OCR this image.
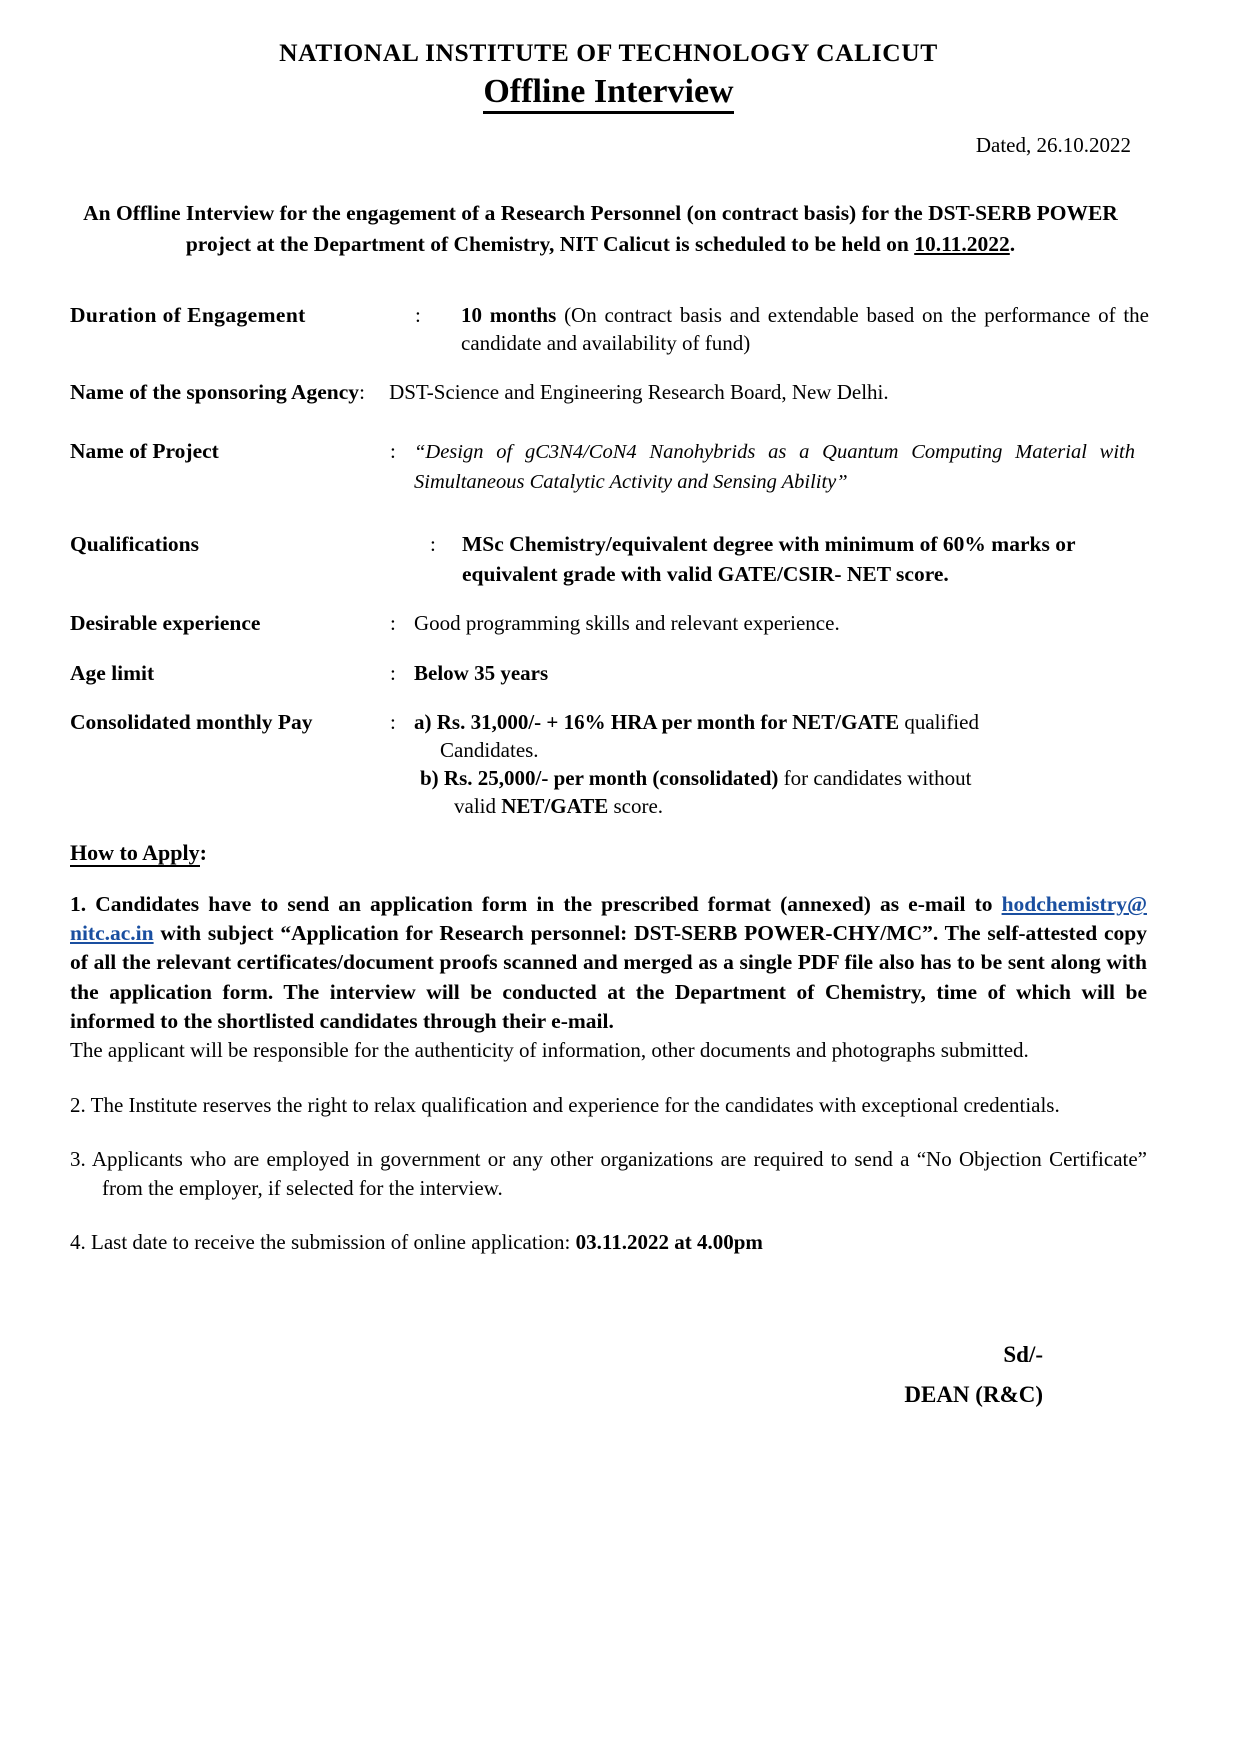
NATIONAL INSTITUTE OF TECHNOLOGY CALICUT
Offline Interview
Dated, 26.10.2022
An Offline Interview for the engagement of a Research Personnel (on contract basis) for the DST-SERB POWER project at the Department of Chemistry, NIT Calicut is scheduled to be held on 10.11.2022.
Duration of Engagement	:	10 months (On contract basis and extendable based on the performance of the candidate and availability of fund)
Name of the sponsoring Agency :	DST-Science and Engineering Research Board, New Delhi.
Name of Project	: “Design of gC3N4/CoN4 Nanohybrids as a Quantum Computing Material with Simultaneous Catalytic Activity and Sensing Ability”
Qualifications	:	MSc Chemistry/equivalent degree with minimum of 60% marks or equivalent grade with valid GATE/CSIR- NET score.
Desirable experience	: Good programming skills and relevant experience.
Age limit	: Below 35 years
Consolidated monthly Pay	: a) Rs. 31,000/- + 16% HRA per month for NET/GATE qualified
Candidates.
b) Rs. 25,000/- per month (consolidated) for candidates without
valid NET/GATE score.
How to Apply:
1. Candidates have to send an application form in the prescribed format (annexed) as e-mail to hodchemistry@ nitc.ac.in with subject “Application for Research personnel: DST-SERB POWER-CHY/MC”. The self-attested copy of all the relevant certificates/document proofs scanned and merged as a single PDF file also has to be sent along with the application form. The interview will be conducted at the Department of Chemistry, time of which will be informed to the shortlisted candidates through their e-mail.
The applicant will be responsible for the authenticity of information, other documents and photographs submitted.
2. The Institute reserves the right to relax qualification and experience for the candidates with exceptional credentials.
3. Applicants who are employed in government or any other organizations are required to send a “No Objection Certificate” from the employer, if selected for the interview.
4. Last date to receive the submission of online application: 03.11.2022 at 4.00pm
Sd/-
DEAN (R&C)
